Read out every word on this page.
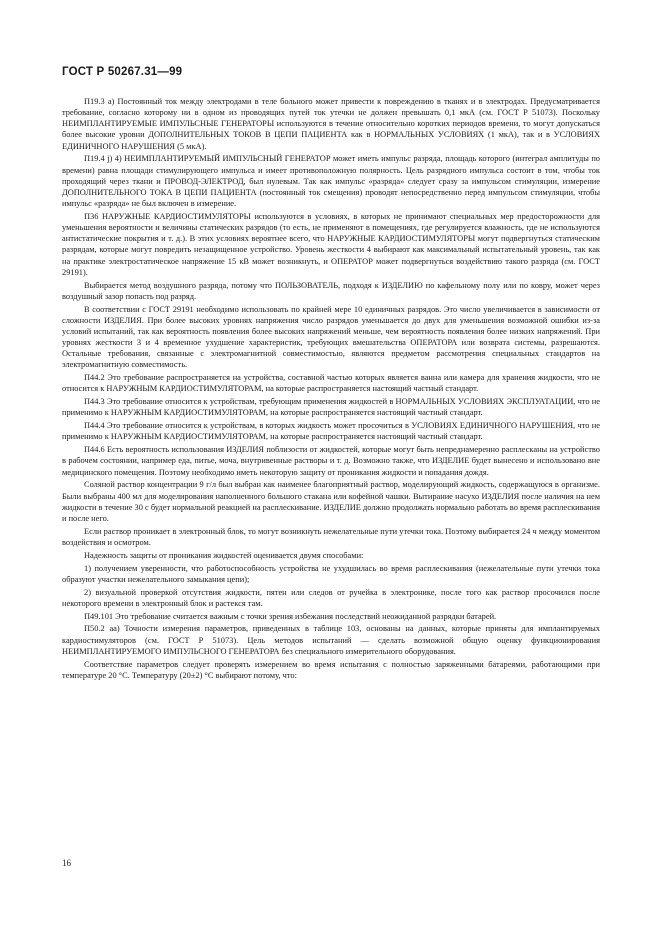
ГОСТ Р 50267.31—99

П19.3 а) Постоянный ток между электродами в теле больного может привести к повреждению в тканях и в электродах. Предусматривается требование, согласно которому ни в одном из проводящих путей ток утечки не должен превышать 0,1 мкА (см. ГОСТ Р 51073). Поскольку НЕИМПЛАНТИРУЕМЫЕ ИМПУЛЬСНЫЕ ГЕНЕРАТОРЫ используются в течение относительно коротких периодов времени, то могут допускаться более высокие уровни ДОПОЛНИТЕЛЬНЫХ ТОКОВ В ЦЕПИ ПАЦИЕНТА как в НОРМАЛЬНЫХ УСЛОВИЯХ (1 мкА), так и в УСЛОВИЯХ ЕДИНИЧНОГО НАРУШЕНИЯ (5 мкА).

П19.4 j) 4) НЕИМПЛАНТИРУЕМЫЙ ИМПУЛЬСНЫЙ ГЕНЕРАТОР может иметь импульс разряда, площадь которого (интеграл амплитуды по времени) равна площади стимулирующего импульса и имеет противоположную полярность. Цель разрядного импульса состоит в том, чтобы ток проходящий через ткани и ПРОВОД-ЭЛЕКТРОД, был нулевым. Так как импульс «разряда» следует сразу за импульсом стимуляции, измерение ДОПОЛНИТЕЛЬНОГО ТОКА В ЦЕПИ ПАЦИЕНТА (постоянный ток смещения) проводят непосредственно перед импульсом стимуляции, чтобы импульс «разряда» не был включен в измерение.

П36 НАРУЖНЫЕ КАРДИОСТИМУЛЯТОРЫ используются в условиях, в которых не принимают специальных мер предосторожности для уменьшения вероятности и величины статических разрядов (то есть, не применяют в помещениях, где регулируется влажность, где не используются антистатические покрытия и т. д.). В этих условиях вероятнее всего, что НАРУЖНЫЕ КАРДИОСТИМУЛЯТОРЫ могут подвергнуться статическим разрядам, которые могут повредить незащищенное устройство. Уровень жесткости 4 выбирают как максимальный испытательный уровень, так как на практике электростатическое напряжение 15 кВ может возникнуть, и ОПЕРАТОР может подвергнуться воздействию такого разряда (см. ГОСТ 29191).

Выбирается метод воздушного разряда, потому что ПОЛЬЗОВАТЕЛЬ, подходя к ИЗДЕЛИЮ по кафельному полу или по ковру, может через воздушный зазор попасть под разряд.

В соответствии с ГОСТ 29191 необходимо использовать по крайней мере 10 единичных разрядов. Это число увеличивается в зависимости от сложности ИЗДЕЛИЯ. При более высоких уровнях напряжения число разрядов уменьшается до двух для уменьшения возможной ошибки из-за условий испытаний, так как вероятность появления более высоких напряжений меньше, чем вероятность появления более низких напряжений. При уровнях жесткости 3 и 4 временное ухудшение характеристик, требующих вмешательства ОПЕРАТОРА или возврата системы, разрешаются. Остальные требования, связанные с электромагнитной совместимостью, являются предметом рассмотрения специальных стандартов на электромагнитную совместимость.

П44.2 Это требование распространяется на устройства, составной частью которых является ванна или камера для хранения жидкости, что не относится к НАРУЖНЫМ КАРДИОСТИМУЛЯТОРАМ, на которые распространяется настоящий частный стандарт.

П44.3 Это требование относится к устройствам, требующим применения жидкостей в НОРМАЛЬНЫХ УСЛОВИЯХ ЭКСПЛУАТАЦИИ, что не применимо к НАРУЖНЫМ КАРДИОСТИМУЛЯТОРАМ, на которые распространяется настоящий частный стандарт.

П44.4 Это требование относится к устройствам, в которых жидкость может просочиться в УСЛОВИЯХ ЕДИНИЧНОГО НАРУШЕНИЯ, что не применимо к НАРУЖНЫМ КАРДИОСТИМУЛЯТОРАМ, на которые распространяется настоящий частный стандарт.

П44.6 Есть вероятность использования ИЗДЕЛИЯ поблизости от жидкостей, которые могут быть непреднамеренно расплесканы на устройство в рабочем состоянии, например еда, питье, моча, внутривенные растворы и т. д. Возможно также, что ИЗДЕЛИЕ будет вынесено и использовано вне медицинского помещения. Поэтому необходимо иметь некоторую защиту от проникания жидкости и попадания дождя.

Соляной раствор концентрации 9 г/л был выбран как наименее благоприятный раствор, моделирующий жидкость, содержащуюся в организме. Были выбраны 400 мл для моделирования наполненного большого стакана или кофейной чашки. Вытирание насухо ИЗДЕЛИЯ после наличия на нем жидкости в течение 30 с будет нормальной реакцией на расплескивание. ИЗДЕЛИЕ должно продолжать нормально работать во время расплескивания и после него.

Если раствор проникает в электронный блок, то могут возникнуть нежелательные пути утечки тока. Поэтому выбирается 24 ч между моментом воздействия и осмотром.

Надежность защиты от проникания жидкостей оценивается двумя способами:

1) получением уверенности, что работоспособность устройства не ухудшилась во время расплескивания (нежелательные пути утечки тока образуют участки нежелательного замыкания цепи);
2) визуальной проверкой отсутствия жидкости, пятен или следов от ручейка в электронике, после того как раствор просочился после некоторого времени в электронный блок и растекся там.

П49.101 Это требование считается важным с точки зрения избежания последствий неожиданной разрядки батарей.

П50.2 аа) Точности измерения параметров, приведенных в таблице 103, основаны на данных, которые приняты для имплантируемых кардиостимуляторов (см. ГОСТ Р 51073). Цель методов испытаний — сделать возможной общую оценку функционирования НЕИМПЛАНТИРУЕМОГО ИМПУЛЬСНОГО ГЕНЕРАТОРА без специального измерительного оборудования.

Соответствие параметров следует проверять измерением во время испытания с полностью заряженными батареями, работающими при температуре 20 °С. Температуру (20±2) °С выбирают потому, что:

16
